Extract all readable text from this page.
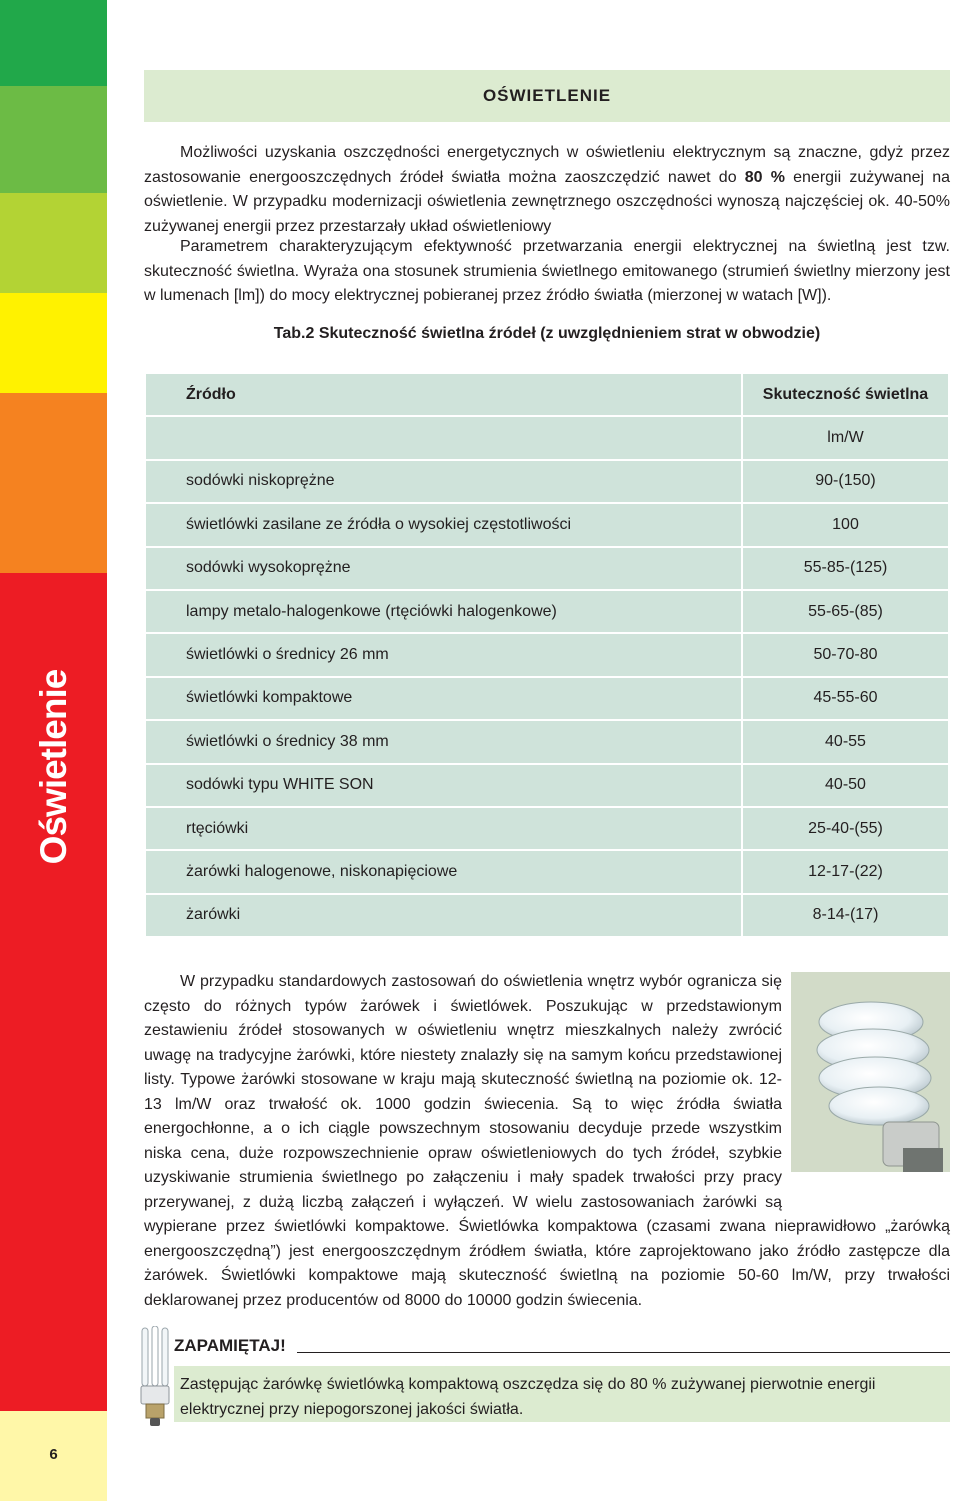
Oświetlenie
6
OŚWIETLENIE

Możliwości uzyskania oszczędności energetycznych w oświetleniu elektrycznym są znaczne, gdyż przez zastosowanie energooszczędnych źródeł światła można zaoszczędzić nawet do 80 % energii zużywanej na oświetlenie. W przypadku modernizacji oświetlenia zewnętrznego oszczędności wynoszą najczęściej ok. 40-50% zużywanej energii przez przestarzały układ oświetleniowy

Parametrem charakteryzującym efektywność przetwarzania energii elektrycznej na świetlną jest tzw. skuteczność świetlna. Wyraża ona stosunek strumienia świetlnego emitowanego (strumień świetlny mierzony jest w lumenach [lm]) do mocy elektrycznej pobieranej przez źródło światła (mierzonej w watach [W]).

Tab.2 Skuteczność świetlna źródeł (z uwzględnieniem strat w obwodzie)
Źródło	Skuteczność świetlna
	lm/W
sodówki niskoprężne	90-(150)
świetlówki zasilane ze źródła o wysokiej częstotliwości	100
sodówki wysokoprężne	55-85-(125)
lampy metalo-halogenkowe (rtęciówki halogenkowe)	55-65-(85)
świetlówki o średnicy 26 mm	50-70-80
świetlówki kompaktowe	45-55-60
świetlówki o średnicy 38 mm	40-55
sodówki typu WHITE SON	40-50
rtęciówki	25-40-(55)
żarówki halogenowe, niskonapięciowe	12-17-(22)
żarówki	8-14-(17)

W przypadku standardowych zastosowań do oświetlenia wnętrz wybór ogranicza się często do różnych typów żarówek i świetlówek. Poszukując w przedstawionym zestawieniu źródeł stosowanych w oświetleniu wnętrz mieszkalnych należy zwrócić uwagę na tradycyjne żarówki, które niestety znalazły się na samym końcu przedstawionej listy. Typowe żarówki stosowane w kraju mają skuteczność świetlną na poziomie ok. 12-13 lm/W oraz trwałość ok. 1000 godzin świecenia. Są to więc źródła światła energochłonne, a o ich ciągle powszechnym stosowaniu decyduje przede wszystkim niska cena, duże rozpowszechnienie opraw oświetleniowych do tych źródeł, szybkie uzyskiwanie strumienia świetlnego po załączeniu i mały spadek trwałości przy pracy przerywanej, z dużą liczbą załączeń i wyłączeń. W wielu zastosowaniach żarówki są wypierane przez świetlówki kompaktowe. Świetlówka kompaktowa (czasami zwana nieprawidłowo „żarówką energooszczędną”) jest energooszczędnym źródłem światła, które zaprojektowano jako źródło zastępcze dla żarówek. Świetlówki kompaktowe mają skuteczność świetlną na poziomie 50-60 lm/W, przy trwałości deklarowanej przez producentów od 8000 do 10000 godzin świecenia.

ZAPAMIĘTAJ!
Zastępując żarówkę świetlówką kompaktową oszczędza się do 80 % zużywanej pierwotnie energii elektrycznej przy niepogorszonej jakości światła.
